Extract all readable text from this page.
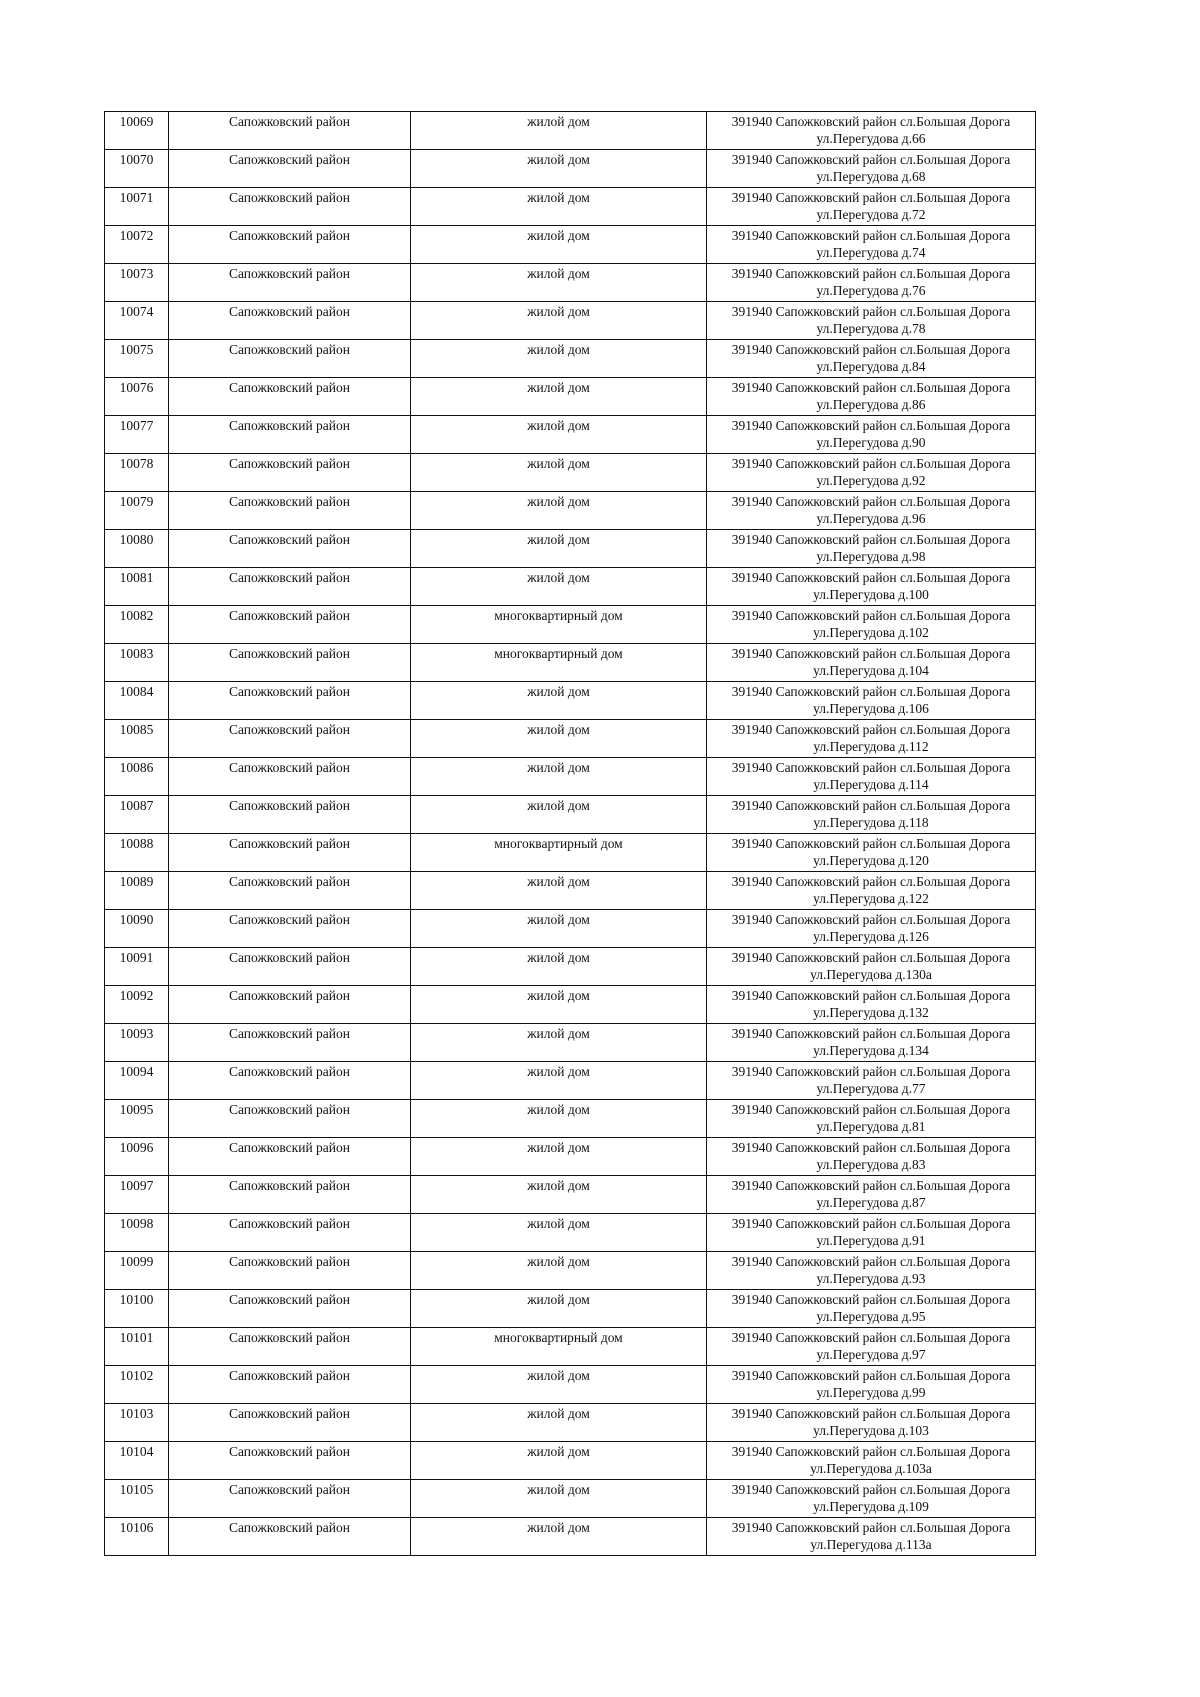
10069	Сапожковский район	жилой дом	391940 Сапожковский район сл.Большая Дорога
ул.Перегудова д.66

10070	Сапожковский район	жилой дом	391940 Сапожковский район сл.Большая Дорога
ул.Перегудова д.68

10071	Сапожковский район	жилой дом	391940 Сапожковский район сл.Большая Дорога
ул.Перегудова д.72

10072	Сапожковский район	жилой дом	391940 Сапожковский район сл.Большая Дорога
ул.Перегудова д.74

10073	Сапожковский район	жилой дом	391940 Сапожковский район сл.Большая Дорога
ул.Перегудова д.76

10074	Сапожковский район	жилой дом	391940 Сапожковский район сл.Большая Дорога
ул.Перегудова д.78

10075	Сапожковский район	жилой дом	391940 Сапожковский район сл.Большая Дорога
ул.Перегудова д.84

10076	Сапожковский район	жилой дом	391940 Сапожковский район сл.Большая Дорога
ул.Перегудова д.86

10077	Сапожковский район	жилой дом	391940 Сапожковский район сл.Большая Дорога
ул.Перегудова д.90

10078	Сапожковский район	жилой дом	391940 Сапожковский район сл.Большая Дорога
ул.Перегудова д.92

10079	Сапожковский район	жилой дом	391940 Сапожковский район сл.Большая Дорога
ул.Перегудова д.96

10080	Сапожковский район	жилой дом	391940 Сапожковский район сл.Большая Дорога
ул.Перегудова д.98

10081	Сапожковский район	жилой дом	391940 Сапожковский район сл.Большая Дорога
ул.Перегудова д.100

10082	Сапожковский район	многоквартирный дом	391940 Сапожковский район сл.Большая Дорога
ул.Перегудова д.102

10083	Сапожковский район	многоквартирный дом	391940 Сапожковский район сл.Большая Дорога
ул.Перегудова д.104

10084	Сапожковский район	жилой дом	391940 Сапожковский район сл.Большая Дорога
ул.Перегудова д.106

10085	Сапожковский район	жилой дом	391940 Сапожковский район сл.Большая Дорога
ул.Перегудова д.112

10086	Сапожковский район	жилой дом	391940 Сапожковский район сл.Большая Дорога
ул.Перегудова д.114

10087	Сапожковский район	жилой дом	391940 Сапожковский район сл.Большая Дорога
ул.Перегудова д.118

10088	Сапожковский район	многоквартирный дом	391940 Сапожковский район сл.Большая Дорога
ул.Перегудова д.120

10089	Сапожковский район	жилой дом	391940 Сапожковский район сл.Большая Дорога
ул.Перегудова д.122

10090	Сапожковский район	жилой дом	391940 Сапожковский район сл.Большая Дорога
ул.Перегудова д.126

10091	Сапожковский район	жилой дом	391940 Сапожковский район сл.Большая Дорога
ул.Перегудова д.130а

10092	Сапожковский район	жилой дом	391940 Сапожковский район сл.Большая Дорога
ул.Перегудова д.132

10093	Сапожковский район	жилой дом	391940 Сапожковский район сл.Большая Дорога
ул.Перегудова д.134

10094	Сапожковский район	жилой дом	391940 Сапожковский район сл.Большая Дорога
ул.Перегудова д.77

10095	Сапожковский район	жилой дом	391940 Сапожковский район сл.Большая Дорога
ул.Перегудова д.81

10096	Сапожковский район	жилой дом	391940 Сапожковский район сл.Большая Дорога
ул.Перегудова д.83

10097	Сапожковский район	жилой дом	391940 Сапожковский район сл.Большая Дорога
ул.Перегудова д.87

10098	Сапожковский район	жилой дом	391940 Сапожковский район сл.Большая Дорога
ул.Перегудова д.91

10099	Сапожковский район	жилой дом	391940 Сапожковский район сл.Большая Дорога
ул.Перегудова д.93

10100	Сапожковский район	жилой дом	391940 Сапожковский район сл.Большая Дорога
ул.Перегудова д.95

10101	Сапожковский район	многоквартирный дом	391940 Сапожковский район сл.Большая Дорога
ул.Перегудова д.97

10102	Сапожковский район	жилой дом	391940 Сапожковский район сл.Большая Дорога
ул.Перегудова д.99

10103	Сапожковский район	жилой дом	391940 Сапожковский район сл.Большая Дорога
ул.Перегудова д.103

10104	Сапожковский район	жилой дом	391940 Сапожковский район сл.Большая Дорога
ул.Перегудова д.103а

10105	Сапожковский район	жилой дом	391940 Сапожковский район сл.Большая Дорога
ул.Перегудова д.109

10106	Сапожковский район	жилой дом	391940 Сапожковский район сл.Большая Дорога
ул.Перегудова д.113а
